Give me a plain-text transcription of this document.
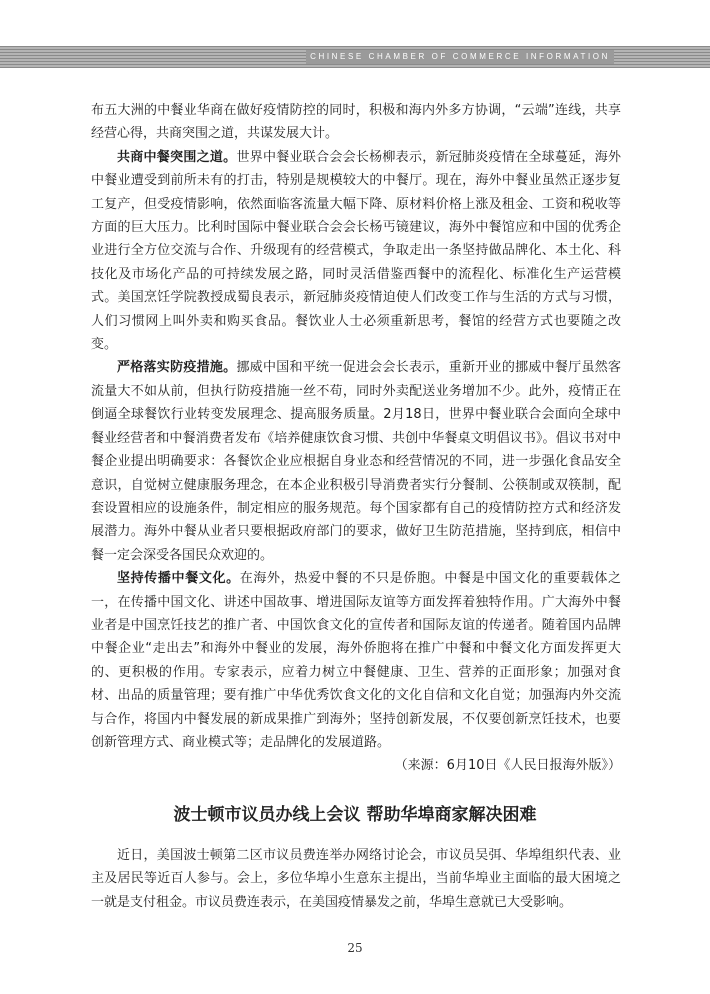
CHINESE CHAMBER OF COMMERCE INFORMATION

布五大洲的中餐业华商在做好疫情防控的同时，积极和海内外多方协调，“云端”连线，共享经营心得，共商突围之道，共谋发展大计。

共商中餐突围之道。世界中餐业联合会会长杨柳表示，新冠肺炎疫情在全球蔓延，海外中餐业遭受到前所未有的打击，特别是规模较大的中餐厅。现在，海外中餐业虽然正逐步复工复产，但受疫情影响，依然面临客流量大幅下降、原材料价格上涨及租金、工资和税收等方面的巨大压力。比利时国际中餐业联合会会长杨丐镜建议，海外中餐馆应和中国的优秀企业进行全方位交流与合作、升级现有的经营模式，争取走出一条坚持做品牌化、本土化、科技化及市场化产品的可持续发展之路，同时灵活借鉴西餐中的流程化、标准化生产运营模式。美国烹饪学院教授成蜀良表示，新冠肺炎疫情迫使人们改变工作与生活的方式与习惯，人们习惯网上叫外卖和购买食品。餐饮业人士必须重新思考，餐馆的经营方式也要随之改变。

严格落实防疫措施。挪威中国和平统一促进会会长表示，重新开业的挪威中餐厅虽然客流量大不如从前，但执行防疫措施一丝不苟，同时外卖配送业务增加不少。此外，疫情正在倒逼全球餐饮行业转变发展理念、提高服务质量。2月18日，世界中餐业联合会面向全球中餐业经营者和中餐消费者发布《培养健康饮食习惯、共创中华餐桌文明倡议书》。倡议书对中餐企业提出明确要求：各餐饮企业应根据自身业态和经营情况的不同，进一步强化食品安全意识，自觉树立健康服务理念，在本企业积极引导消费者实行分餐制、公筷制或双筷制，配套设置相应的设施条件，制定相应的服务规范。每个国家都有自己的疫情防控方式和经济发展潜力。海外中餐从业者只要根据政府部门的要求，做好卫生防范措施，坚持到底，相信中餐一定会深受各国民众欢迎的。

坚持传播中餐文化。在海外，热爱中餐的不只是侨胞。中餐是中国文化的重要载体之一，在传播中国文化、讲述中国故事、增进国际友谊等方面发挥着独特作用。广大海外中餐业者是中国烹饪技艺的推广者、中国饮食文化的宣传者和国际友谊的传递者。随着国内品牌中餐企业“走出去”和海外中餐业的发展，海外侨胞将在推广中餐和中餐文化方面发挥更大的、更积极的作用。专家表示，应着力树立中餐健康、卫生、营养的正面形象；加强对食材、出品的质量管理；要有推广中华优秀饮食文化的文化自信和文化自觉；加强海内外交流与合作，将国内中餐发展的新成果推广到海外；坚持创新发展，不仅要创新烹饪技术，也要创新管理方式、商业模式等；走品牌化的发展道路。
（来源：6月10日《人民日报海外版》）

波士顿市议员办线上会议 帮助华埠商家解决困难

近日，美国波士顿第二区市议员费连举办网络讨论会，市议员吴弭、华埠组织代表、业主及居民等近百人参与。会上，多位华埠小生意东主提出，当前华埠业主面临的最大困境之一就是支付租金。市议员费连表示，在美国疫情暴发之前，华埠生意就已大受影响。

25
